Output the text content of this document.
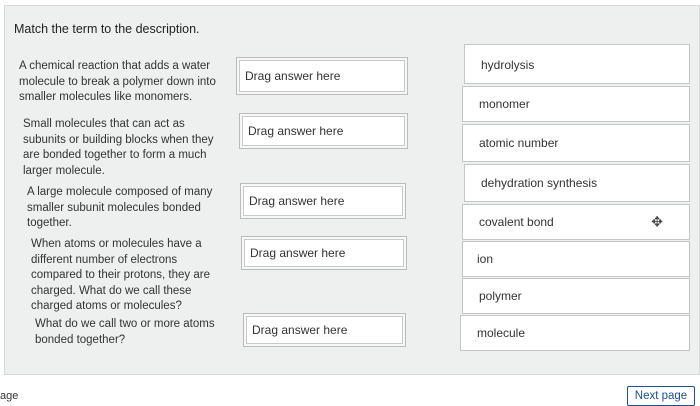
Match the term to the description.
A chemical reaction that adds a water molecule to break a polymer down into smaller molecules like monomers.
Small molecules that can act as subunits or building blocks when they are bonded together to form a much larger molecule.
A large molecule composed of many smaller subunit molecules bonded together.
When atoms or molecules have a different number of electrons compared to their protons, they are charged. What do we call these charged atoms or molecules?
What do we call two or more atoms bonded together?
Drag answer here
Drag answer here
Drag answer here
Drag answer here
Drag answer here
hydrolysis
monomer
atomic number
dehydration synthesis
covalent bond	✥
ion
polymer
molecule
age	Next page
